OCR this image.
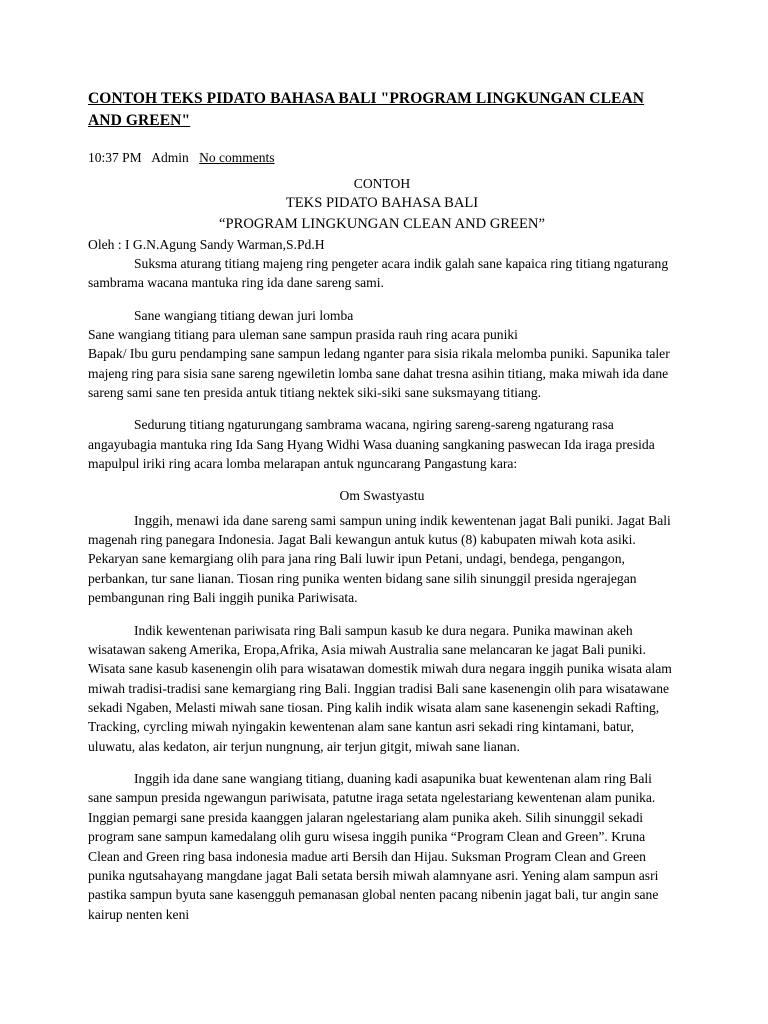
CONTOH TEKS PIDATO BAHASA BALI "PROGRAM LINGKUNGAN CLEAN AND GREEN"
10:37 PM Admin No comments
CONTOH
TEKS PIDATO BAHASA BALI
“PROGRAM LINGKUNGAN CLEAN AND GREEN”
Oleh : I G.N.Agung Sandy Warman,S.Pd.H

Suksma aturang titiang majeng ring pengeter acara indik galah sane kapaica ring titiang ngaturang sambrama wacana mantuka ring ida dane sareng sami.

Sane wangiang titiang dewan juri lomba

Sane wangiang titiang para uleman sane sampun prasida rauh ring acara puniki

Bapak/ Ibu guru pendamping sane sampun ledang nganter para sisia rikala melomba puniki. Sapunika taler majeng ring para sisia sane sareng ngewiletin lomba sane dahat tresna asihin titiang, maka miwah ida dane sareng sami sane ten presida antuk titiang nektek siki-siki sane suksmayang titiang.

Sedurung titiang ngaturungang sambrama wacana, ngiring sareng-sareng ngaturang rasa angayubagia mantuka ring Ida Sang Hyang Widhi Wasa duaning sangkaning paswecan Ida iraga presida mapulpul iriki ring acara lomba melarapan antuk nguncarang Pangastung kara:

Om Swastyastu

Inggih, menawi ida dane sareng sami sampun uning indik kewentenan jagat Bali puniki. Jagat Bali magenah ring panegara Indonesia. Jagat Bali kewangun antuk kutus (8) kabupaten miwah kota asiki. Pekaryan sane kemargiang olih para jana ring Bali luwir ipun Petani, undagi, bendega, pengangon, perbankan, tur sane lianan. Tiosan ring punika wenten bidang sane silih sinunggil presida ngerajegan pembangunan ring Bali inggih punika Pariwisata.

Indik kewentenan pariwisata ring Bali sampun kasub ke dura negara. Punika mawinan akeh wisatawan sakeng Amerika, Eropa,Afrika, Asia miwah Australia sane melancaran ke jagat Bali puniki. Wisata sane kasub kasenengin olih para wisatawan domestik miwah dura negara inggih punika wisata alam miwah tradisi-tradisi sane kemargiang ring Bali. Inggian tradisi Bali sane kasenengin olih para wisatawane sekadi Ngaben, Melasti miwah sane tiosan. Ping kalih indik wisata alam sane kasenengin sekadi Rafting, Tracking, cyrcling miwah nyingakin kewentenan alam sane kantun asri sekadi ring kintamani, batur, uluwatu, alas kedaton, air terjun nungnung, air terjun gitgit, miwah sane lianan.

Inggih ida dane sane wangiang titiang, duaning kadi asapunika buat kewentenan alam ring Bali sane sampun presida ngewangun pariwisata, patutne iraga setata ngelestariang kewentenan alam punika. Inggian pemargi sane presida kaanggen jalaran ngelestariang alam punika akeh. Silih sinunggil sekadi program sane sampun kamedalang olih guru wisesa inggih punika “Program Clean and Green”. Kruna Clean and Green ring basa indonesia madue arti Bersih dan Hijau. Suksman Program Clean and Green punika ngutsahayang mangdane jagat Bali setata bersih miwah alamnyane asri. Yening alam sampun asri pastika sampun byuta sane kasengguh pemanasan global nenten pacang nibenin jagat bali, tur angin sane kairup nenten keni
